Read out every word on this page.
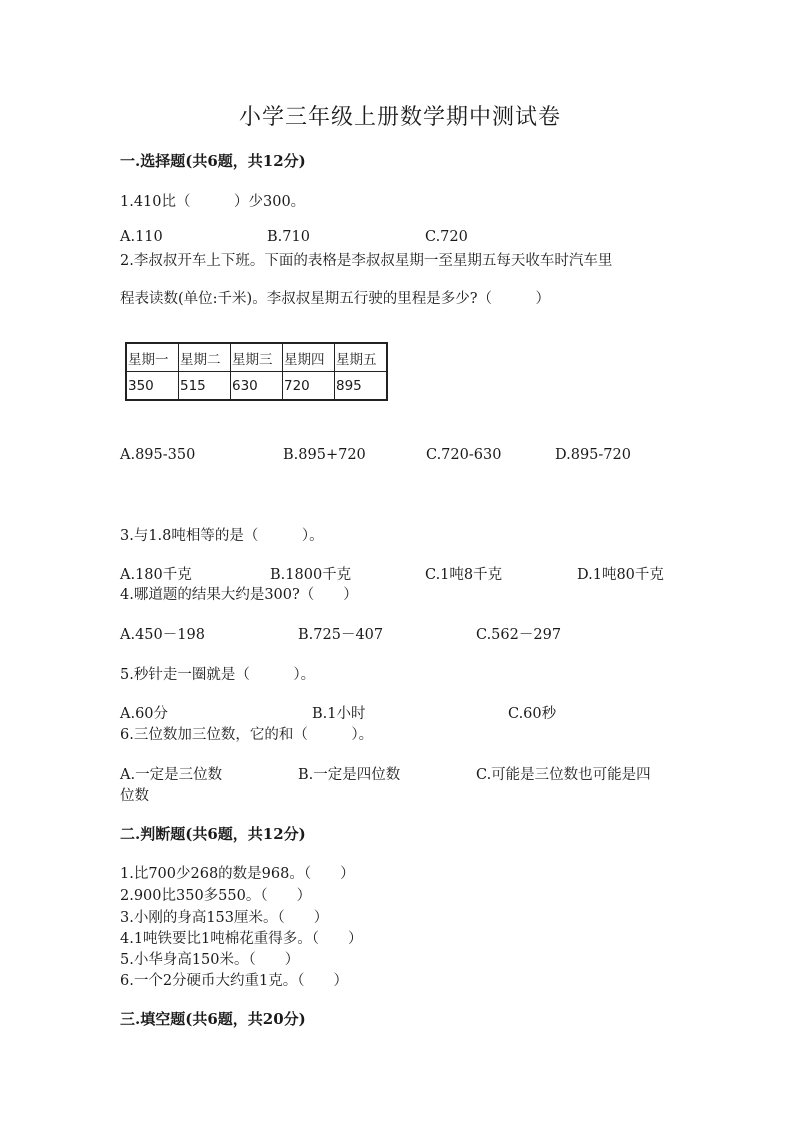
小学三年级上册数学期中测试卷
一.选择题(共6题，共12分)
1.410比（　　　）少300。
A.110	B.710	C.720
2.李叔叔开车上下班。下面的表格是李叔叔星期一至星期五每天收车时汽车里
程表读数(单位:千米)。李叔叔星期五行驶的里程是多少?（　　　）
星期一	星期二	星期三	星期四	星期五
350	515	630	720	895
A.895-350	B.895+720	C.720-630	D.895-720
3.与1.8吨相等的是（　　　）。
A.180千克	B.1800千克	C.1吨8千克	D.1吨80千克
4.哪道题的结果大约是300?（　　）
A.450－198	B.725－407	C.562－297
5.秒针走一圈就是（　　　）。
A.60分	B.1小时	C.60秒
6.三位数加三位数，它的和（　　　）。
A.一定是三位数	B.一定是四位数	C.可能是三位数也可能是四
位数
二.判断题(共6题，共12分)
1.比700少268的数是968。（　　）
2.900比350多550。（　　）
3.小刚的身高153厘米。（　　）
4.1吨铁要比1吨棉花重得多。（　　）
5.小华身高150米。（　　）
6.一个2分硬币大约重1克。（　　）
三.填空题(共6题，共20分)
